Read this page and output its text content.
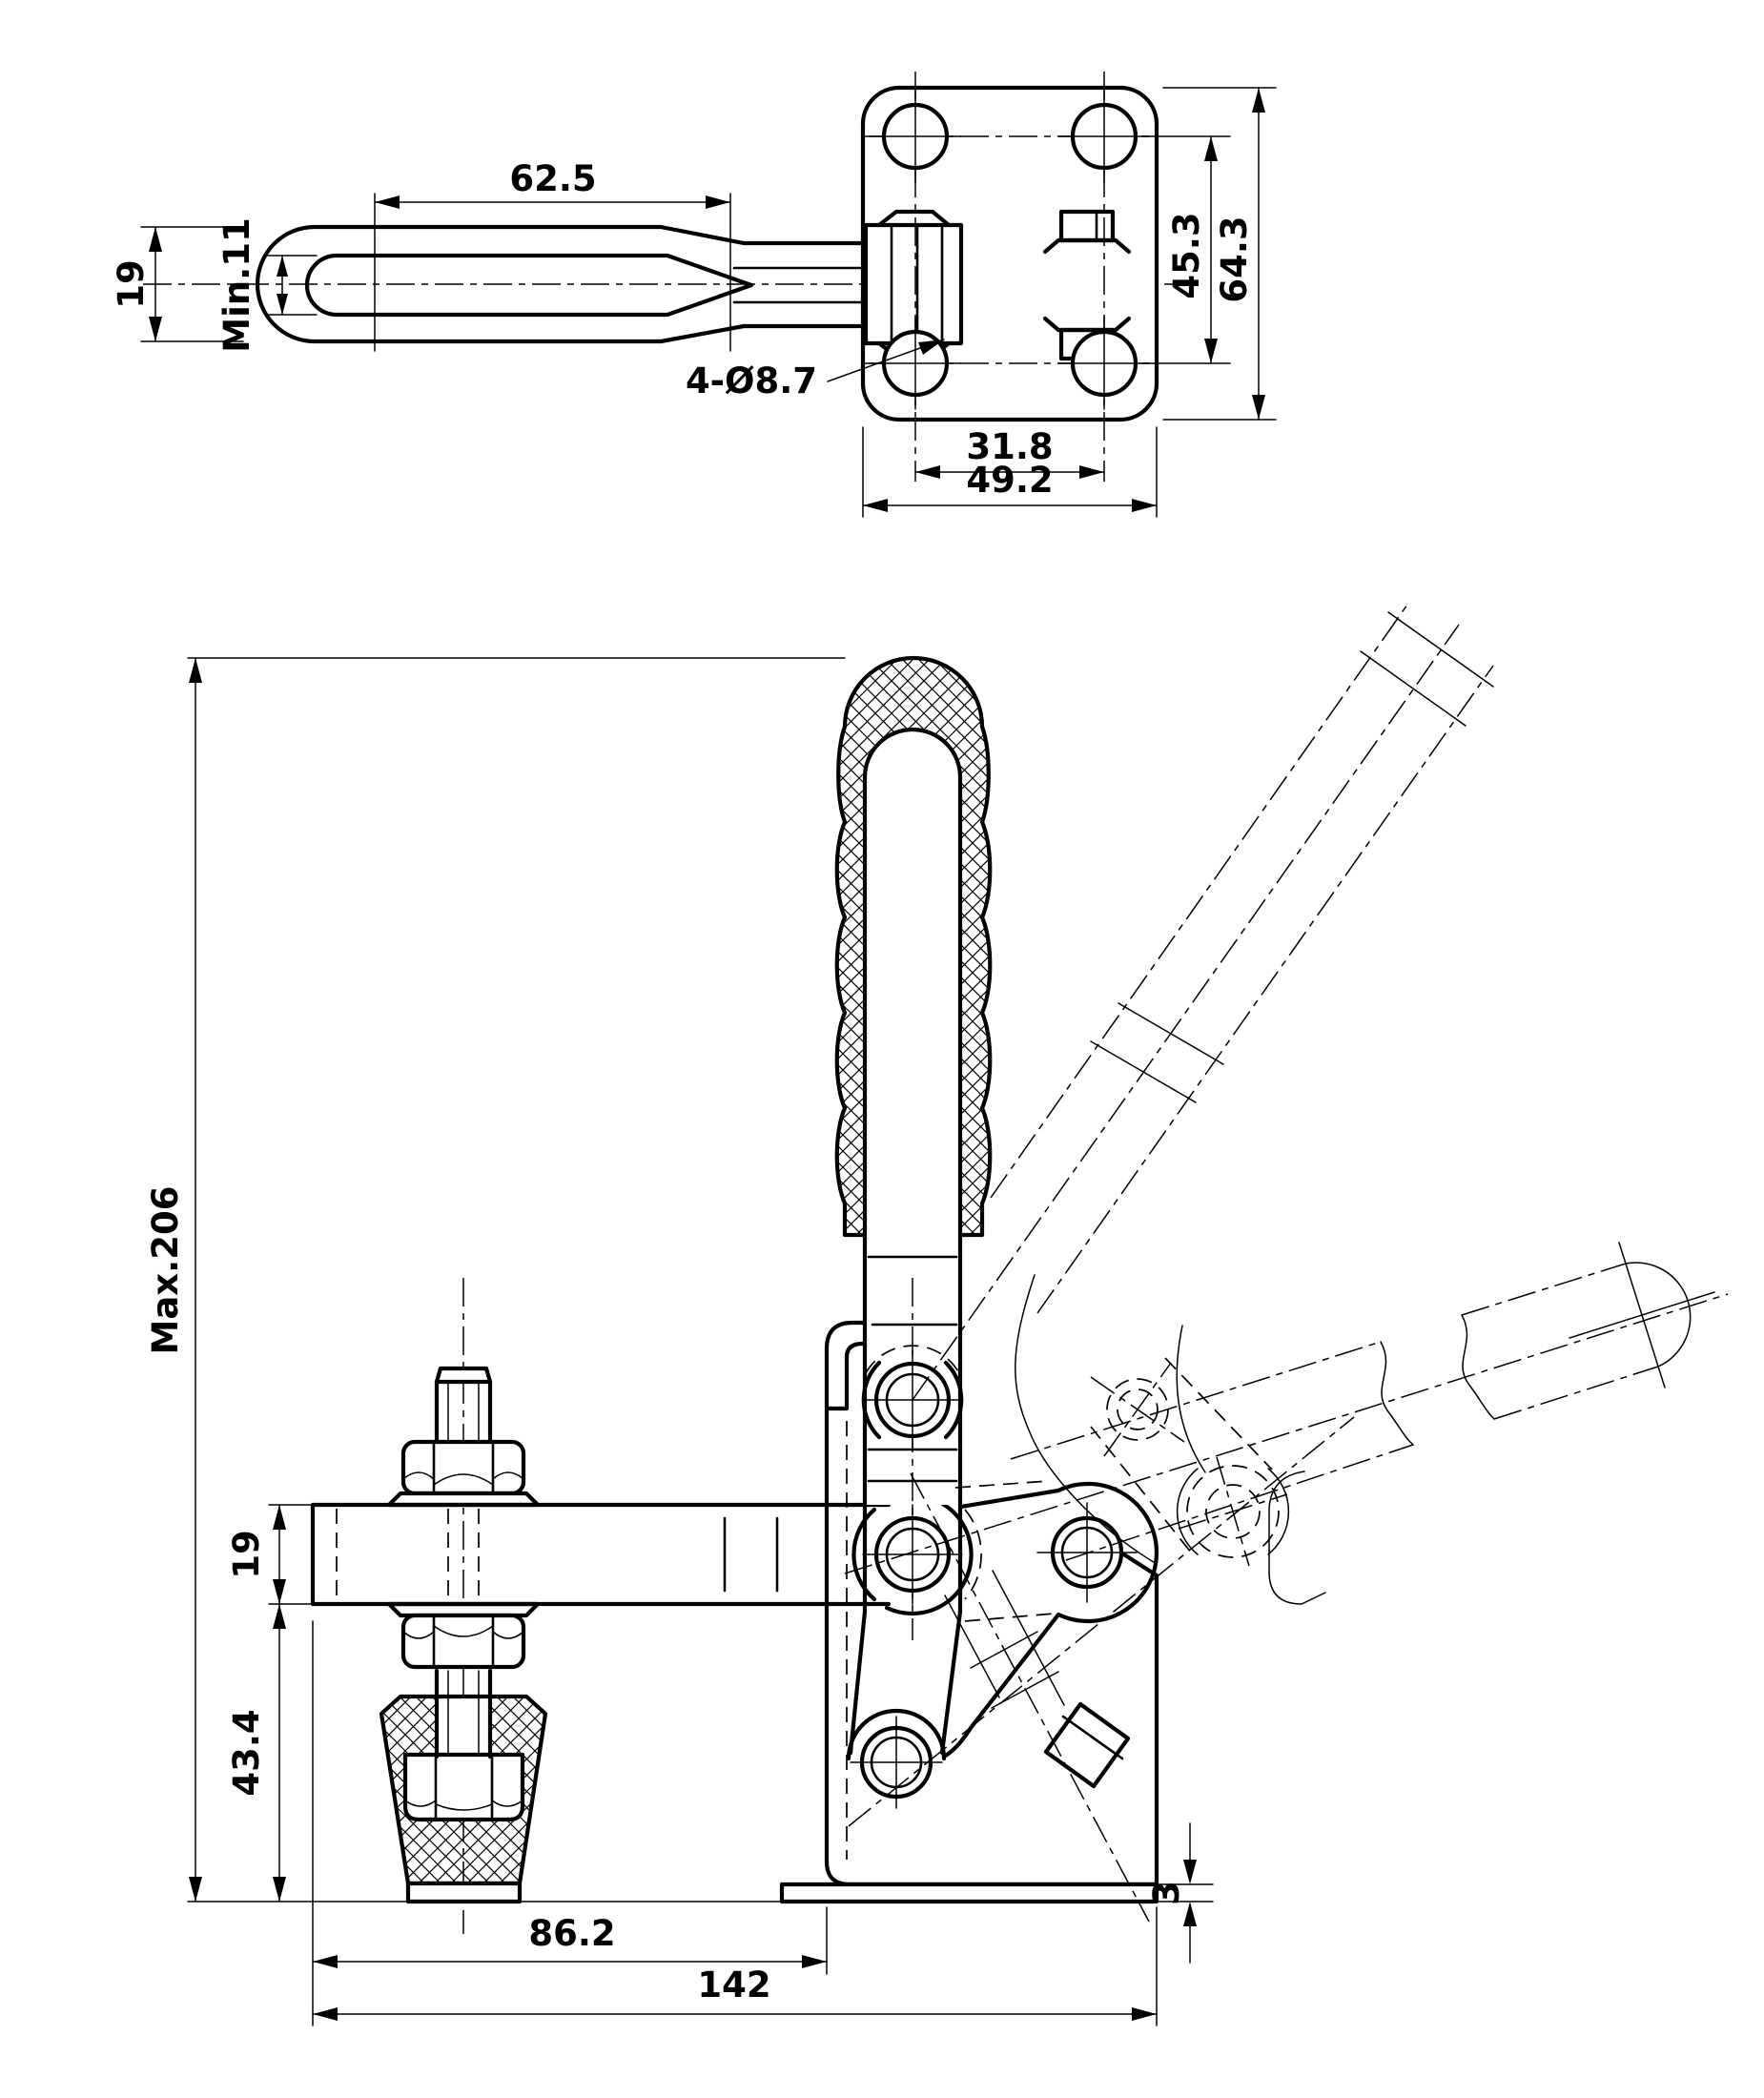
62.5
19 Min.11	45.3 64.3
31.8
49.2
4-Ø8.7
Max.206
19
43.4
86.2
142
3
